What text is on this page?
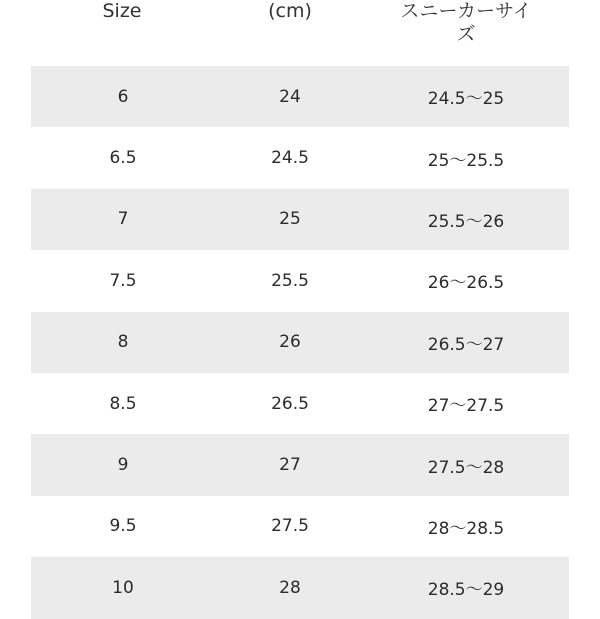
Size	(cm)	スニーカーサイ
ズ
6	24	24.5〜25
6.5	24.5	25〜25.5
7	25	25.5〜26
7.5	25.5	26〜26.5
8	26	26.5〜27
8.5	26.5	27〜27.5
9	27	27.5〜28
9.5	27.5	28〜28.5
10	28	28.5〜29
